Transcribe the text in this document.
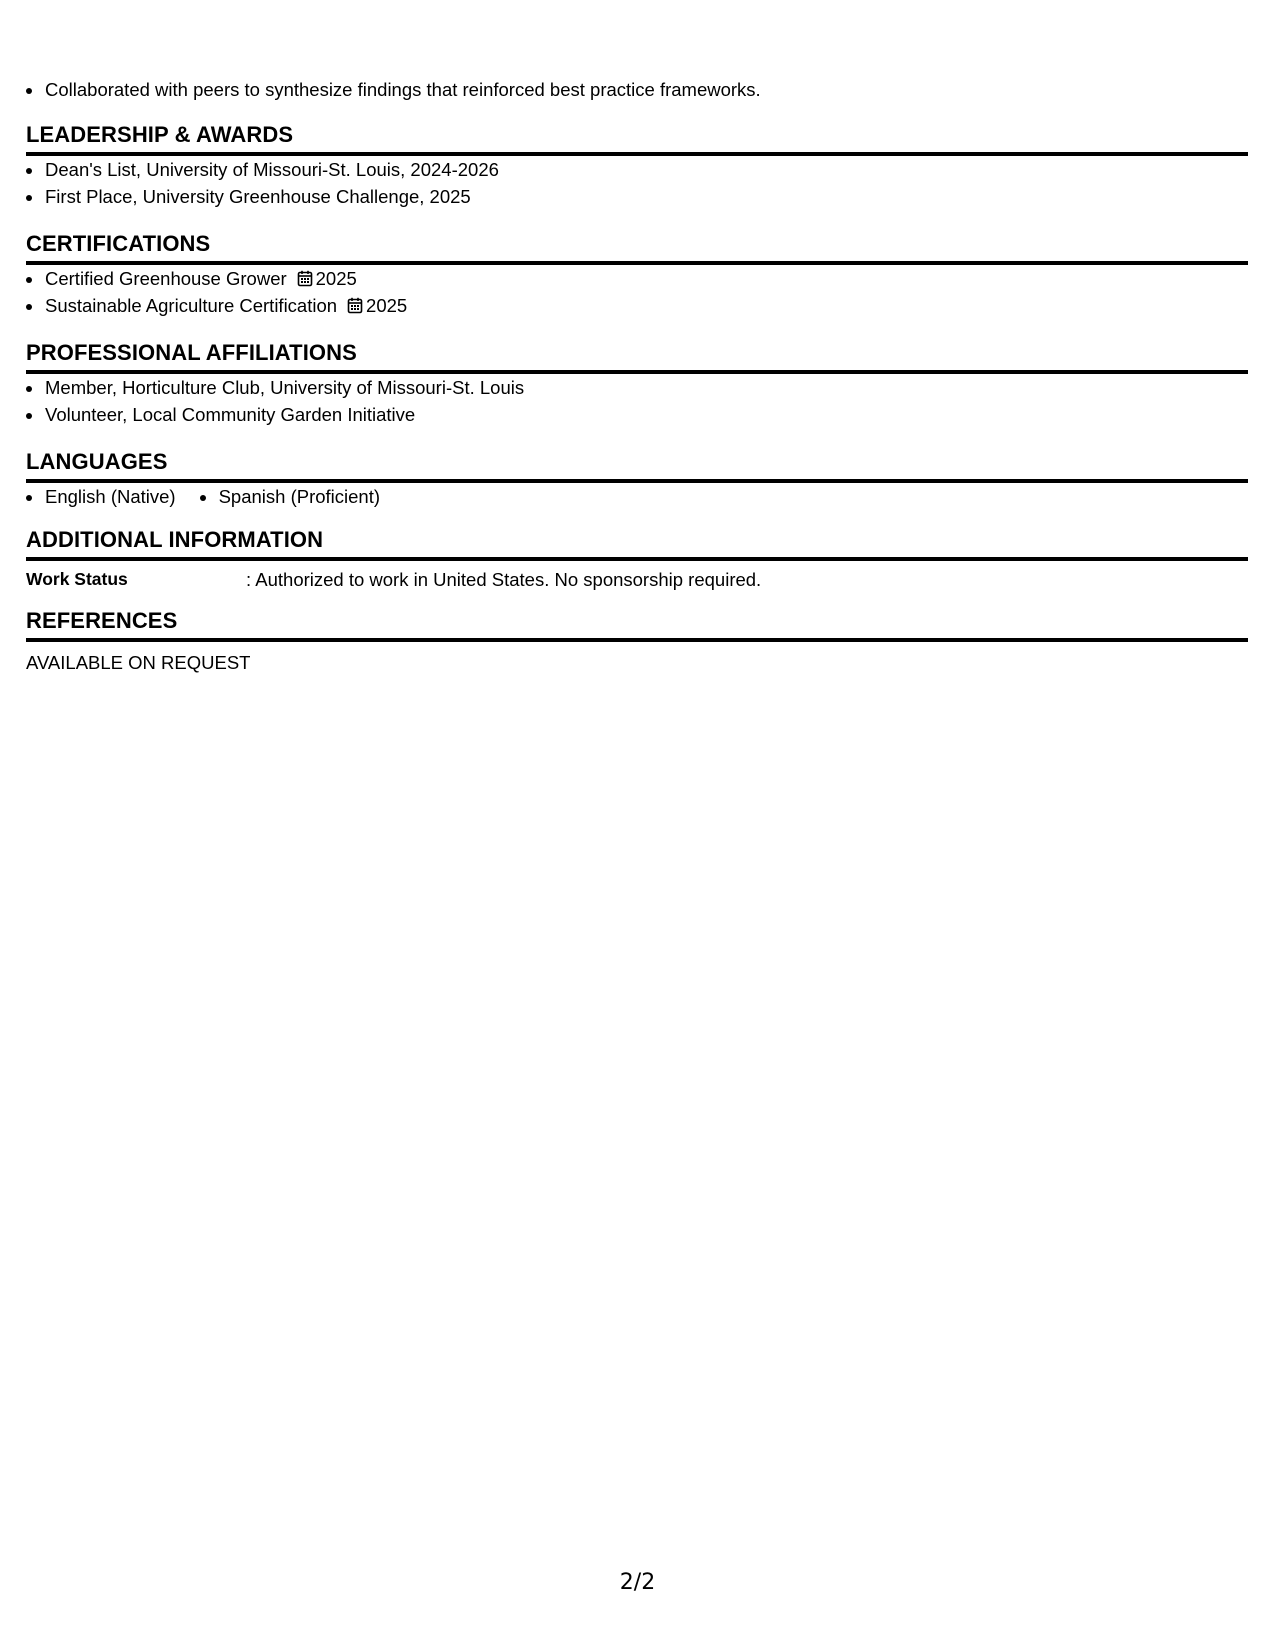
• Collaborated with peers to synthesize findings that reinforced best practice frameworks.
LEADERSHIP & AWARDS
• Dean's List, University of Missouri-St. Louis, 2024-2026
• First Place, University Greenhouse Challenge, 2025
CERTIFICATIONS
• Certified Greenhouse Grower 2025
• Sustainable Agriculture Certification 2025
PROFESSIONAL AFFILIATIONS
• Member, Horticulture Club, University of Missouri-St. Louis
• Volunteer, Local Community Garden Initiative
LANGUAGES
• English (Native)
• Spanish (Proficient)
ADDITIONAL INFORMATION
Work Status	: Authorized to work in United States. No sponsorship required.
REFERENCES
AVAILABLE ON REQUEST
2/2
